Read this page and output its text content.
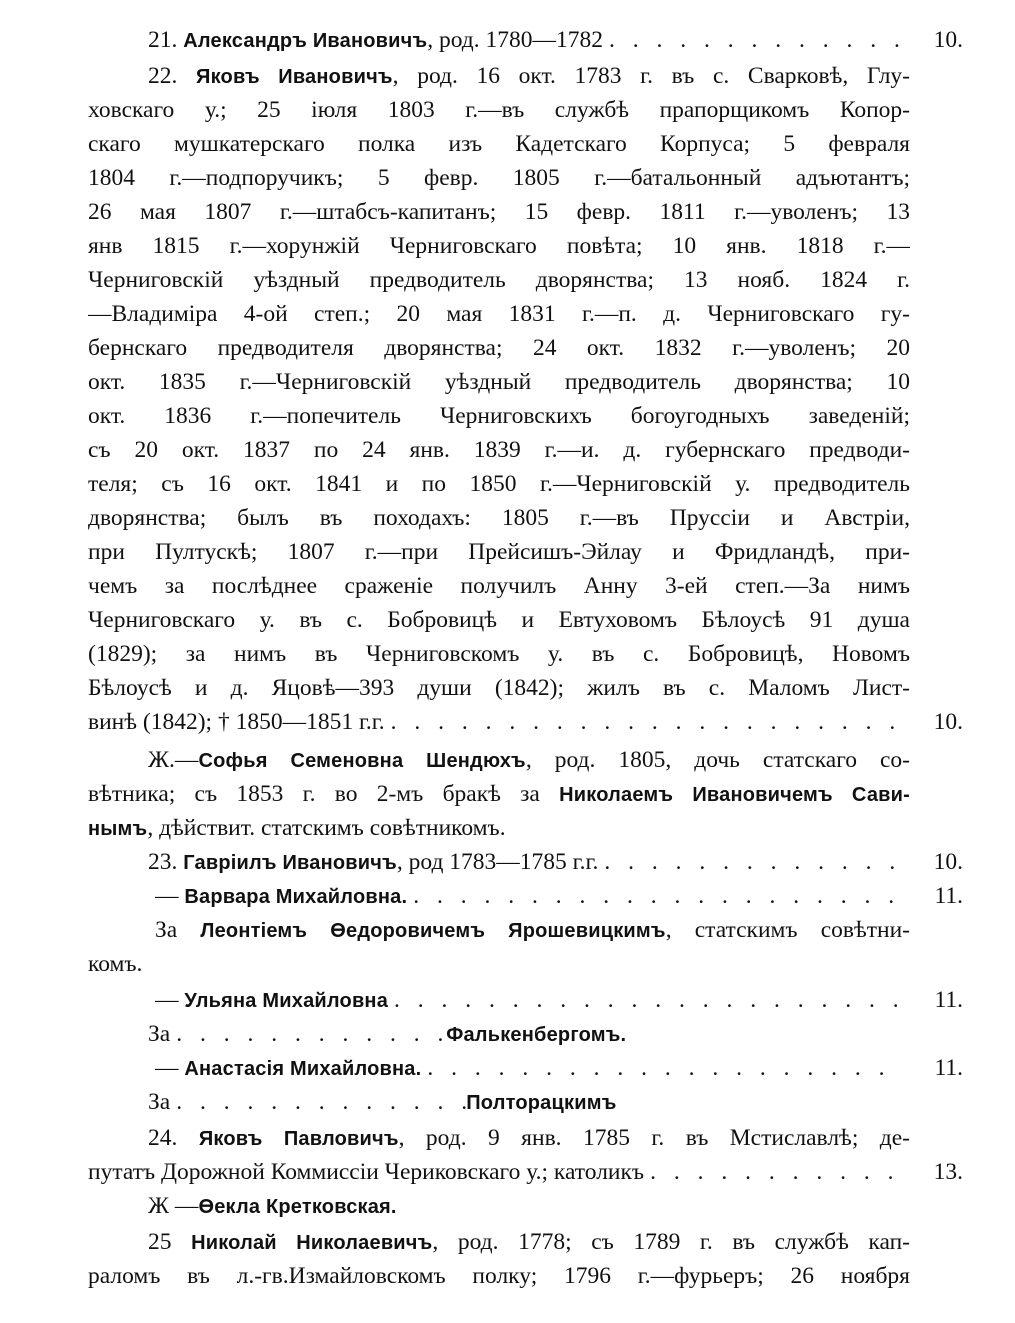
21. Александръ Ивановичъ, род. 1780—1782 . . .	10.
22. Яковъ Ивановичъ, род. 16 окт. 1783 г. въ с. Сварковѣ, Глу-
ховскаго у.; 25 іюля 1803 г.—въ службѣ прапорщикомъ Копор-
скаго мушкатерскаго полка изъ Кадетскаго Корпуса; 5 февраля
1804 г.—подпоручикъ; 5 февр. 1805 г.—батальонный адъютантъ;
26 мая 1807 г.—штабсъ-капитанъ; 15 февр. 1811 г.—уволенъ; 13
янв 1815 г.—хорунжій Черниговскаго повѣта; 10 янв. 1818 г.—
Черниговскій уѣздный предводитель дворянства; 13 нояб. 1824 г.
—Владиміра 4-ой степ.; 20 мая 1831 г.—п. д. Черниговскаго гу-
бернскаго предводителя дворянства; 24 окт. 1832 г.—уволенъ; 20
окт. 1835 г.—Черниговскій уѣздный предводитель дворянства; 10
окт. 1836 г.—попечитель Черниговскихъ богоугодныхъ заведеній;
съ 20 окт. 1837 по 24 янв. 1839 г.—и. д. губернскаго предводи-
теля; съ 16 окт. 1841 и по 1850 г.—Черниговскій у. предводитель
дворянства; былъ въ походахъ: 1805 г.—въ Пруссіи и Австріи,
при Пултускѣ; 1807 г.—при Прейсишъ-Эйлау и Фридландѣ, при-
чемъ за послѣднее сраженіе получилъ Анну 3-ей степ.—За нимъ
Черниговскаго у. въ с. Бобровицѣ и Евтуховомъ Бѣлоусѣ 91 душа
(1829); за нимъ въ Черниговскомъ у. въ с. Бобровицѣ, Новомъ
Бѣлоусѣ и д. Яцовѣ—393 души (1842); жилъ въ с. Маломъ Лист-
винѣ (1842); † 1850—1851 г.г. . . .	10.
Ж.—Софья Семеновна Шендюхъ, род. 1805, дочь статскаго со-
вѣтника; съ 1853 г. во 2-мъ бракѣ за Николаемъ Ивановичемъ Сави-
нымъ, дѣйствит. статскимъ совѣтникомъ.
23. Гавріилъ Ивановичъ, род 1783—1785 г.г. . . .	10.
— Варвара Михайловна. . . .	11.
За Леонтіемъ Өедоровичемъ Ярошевицкимъ, статскимъ совѣтни-
комъ.
— Ульяна Михайловна . . .	11.
За . . .	Фалькенбергомъ.
— Анастасія Михайловна. . . .	11.
За . . .	Полторацкимъ
24. Яковъ Павловичъ, род. 9 янв. 1785 г. въ Мстиславлѣ; де-
путатъ Дорожной Коммиссіи Чериковскаго у.; католикъ . . .	13.
Ж —Өекла Кретковская.
25 Николай Николаевичъ, род. 1778; съ 1789 г. въ службѣ кап-
раломъ въ л.-гв.Измайловскомъ полку; 1796 г.—фурьеръ; 26 ноября
